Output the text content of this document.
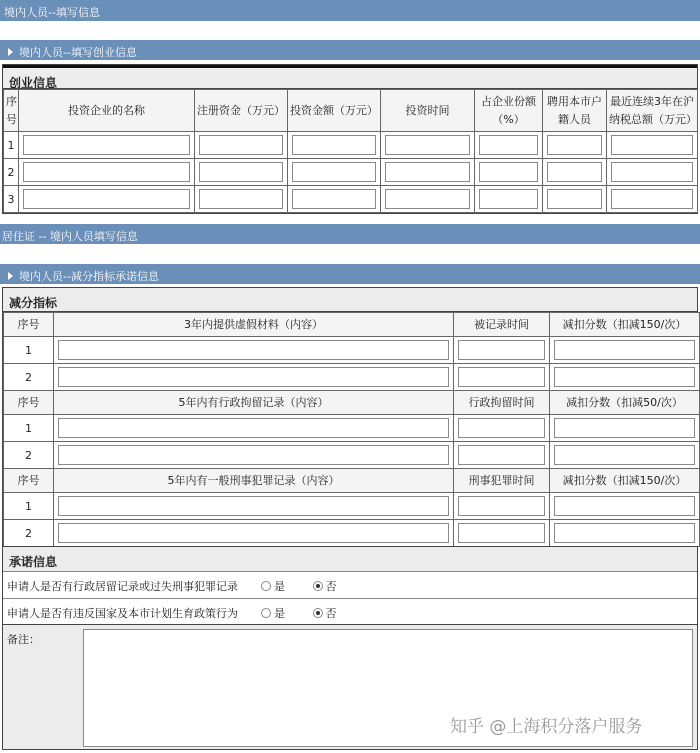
境内人员--填写信息
境内人员--填写创业信息
创业信息
序号	投资企业的名称	注册资金（万元）	投资金额（万元）	投资时间	占企业份额（%）	聘用本市户籍人员	最近连续3年在沪纳税总额（万元）
1	

2	

3	

居住证 -- 境内人员填写信息
境内人员--减分指标承诺信息
减分指标
序号	3年内提供虚假材料（内容）	被记录时间	减扣分数（扣减150/次）
1	

2	

序号	5年内有行政拘留记录（内容）	行政拘留时间	减扣分数（扣减50/次）
1	

2	

序号	5年内有一般刑事犯罪记录（内容）	刑事犯罪时间	减扣分数（扣减150/次）
1	

2	

承诺信息
申请人是否有行政居留记录或过失刑事犯罪记录	是	否
申请人是否有违反国家及本市计划生育政策行为	是	否
备注：
知乎 @上海积分落户服务
